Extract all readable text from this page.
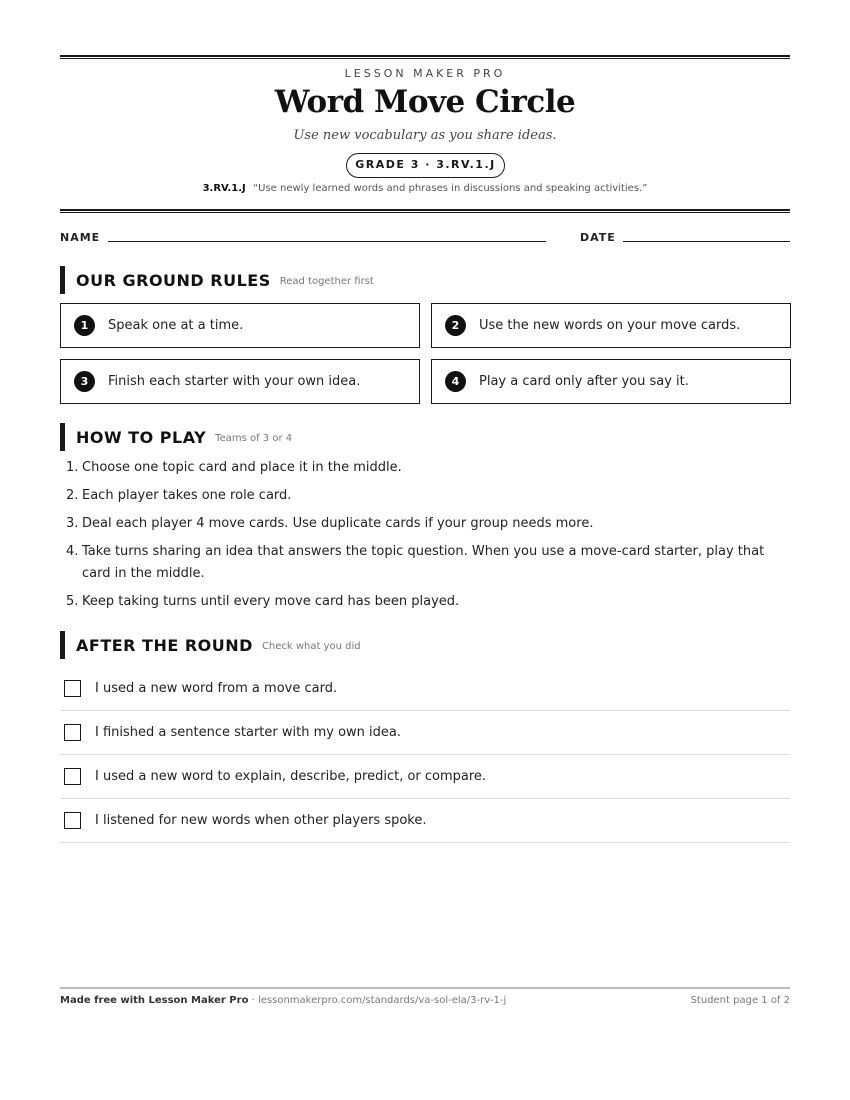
LESSON MAKER PRO
Word Move Circle
Use new vocabulary as you share ideas.
GRADE 3 · 3.RV.1.J
3.RV.1.J “Use newly learned words and phrases in discussions and speaking activities.”
NAME	DATE
OUR GROUND RULES Read together first
1	Speak one at a time.	2	Use the new words on your move cards.
3	Finish each starter with your own idea.	4	Play a card only after you say it.
HOW TO PLAY Teams of 3 or 4
1. Choose one topic card and place it in the middle.
2. Each player takes one role card.
3. Deal each player 4 move cards. Use duplicate cards if your group needs more.
4. Take turns sharing an idea that answers the topic question. When you use a move-card starter, play that card in the middle.
5. Keep taking turns until every move card has been played.
AFTER THE ROUND Check what you did
I used a new word from a move card.
I finished a sentence starter with my own idea.
I used a new word to explain, describe, predict, or compare.
I listened for new words when other players spoke.
Made free with Lesson Maker Pro · lessonmakerpro.com/standards/va-sol-ela/3-rv-1-j	Student page 1 of 2
